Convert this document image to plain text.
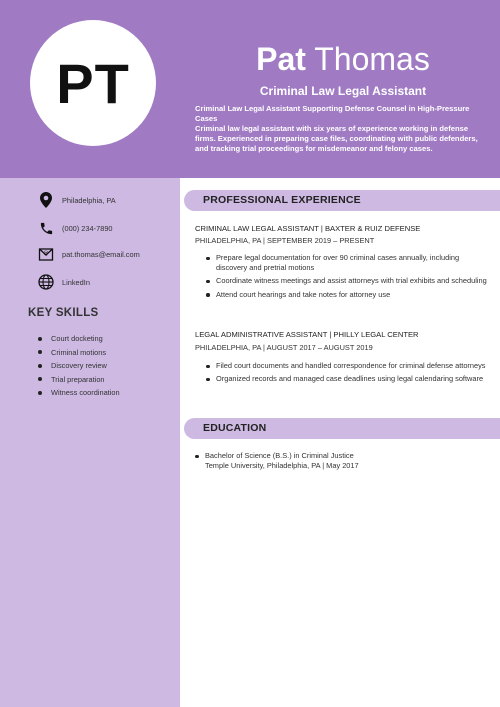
PT	Pat Thomas
Criminal Law Legal Assistant
Criminal Law Legal Assistant Supporting Defense Counsel in High-Pressure Cases
Criminal law legal assistant with six years of experience working in defense firms. Experienced in preparing case files, coordinating with public defenders, and tracking trial proceedings for misdemeanor and felony cases.
Philadelphia, PA
(000) 234-7890
@ pat.thomas@email.com
LinkedIn
KEY SKILLS
Court docketing
Criminal motions
Discovery review
Trial preparation
Witness coordination
PROFESSIONAL EXPERIENCE
CRIMINAL LAW LEGAL ASSISTANT | BAXTER & RUIZ DEFENSE
PHILADELPHIA, PA | SEPTEMBER 2019 – PRESENT
Prepare legal documentation for over 90 criminal cases annually, including discovery and pretrial motions
Coordinate witness meetings and assist attorneys with trial exhibits and scheduling
Attend court hearings and take notes for attorney use
LEGAL ADMINISTRATIVE ASSISTANT | PHILLY LEGAL CENTER
PHILADELPHIA, PA | AUGUST 2017 – AUGUST 2019
Filed court documents and handled correspondence for criminal defense attorneys
Organized records and managed case deadlines using legal calendaring software
EDUCATION
Bachelor of Science (B.S.) in Criminal Justice
Temple University, Philadelphia, PA | May 2017
